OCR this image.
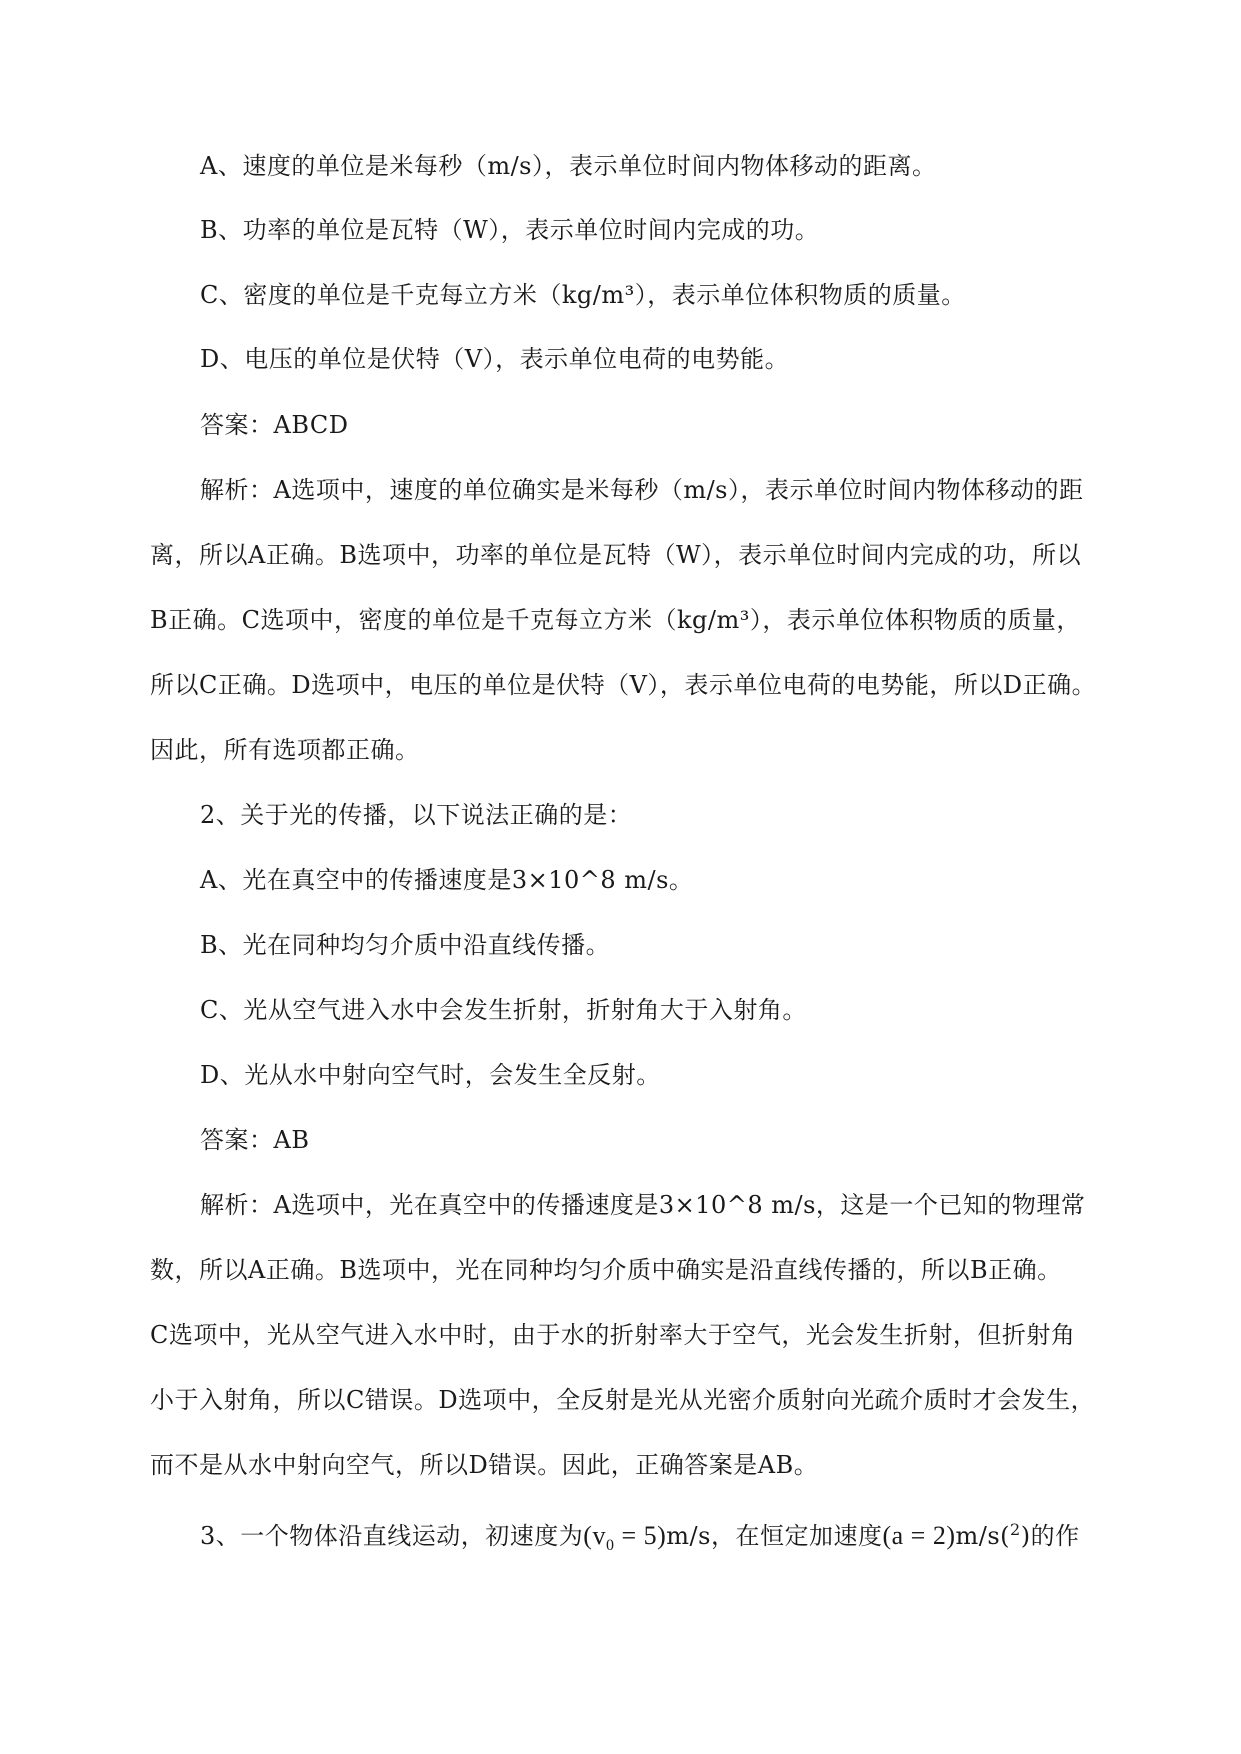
A、速度的单位是米每秒（m/s），表示单位时间内物体移动的距离。
B、功率的单位是瓦特（W），表示单位时间内完成的功。
C、密度的单位是千克每立方米（kg/m³），表示单位体积物质的质量。
D、电压的单位是伏特（V），表示单位电荷的电势能。
答案：ABCD
解析：A选项中，速度的单位确实是米每秒（m/s），表示单位时间内物体移动的距
离，所以A正确。B选项中，功率的单位是瓦特（W），表示单位时间内完成的功，所以
B正确。C选项中，密度的单位是千克每立方米（kg/m³），表示单位体积物质的质量，
所以C正确。D选项中，电压的单位是伏特（V），表示单位电荷的电势能，所以D正确。
因此，所有选项都正确。
2、关于光的传播，以下说法正确的是：
A、光在真空中的传播速度是3×10^8 m/s。
B、光在同种均匀介质中沿直线传播。
C、光从空气进入水中会发生折射，折射角大于入射角。
D、光从水中射向空气时，会发生全反射。
答案：AB
解析：A选项中，光在真空中的传播速度是3×10^8 m/s，这是一个已知的物理常
数，所以A正确。B选项中，光在同种均匀介质中确实是沿直线传播的，所以B正确。
C选项中，光从空气进入水中时，由于水的折射率大于空气，光会发生折射，但折射角
小于入射角，所以C错误。D选项中，全反射是光从光密介质射向光疏介质时才会发生，
而不是从水中射向空气，所以D错误。因此，正确答案是AB。
3、一个物体沿直线运动，初速度为$(v_0 = 5)m/s$，在恒定加速度(a = 2)m/s($^2$)的作
